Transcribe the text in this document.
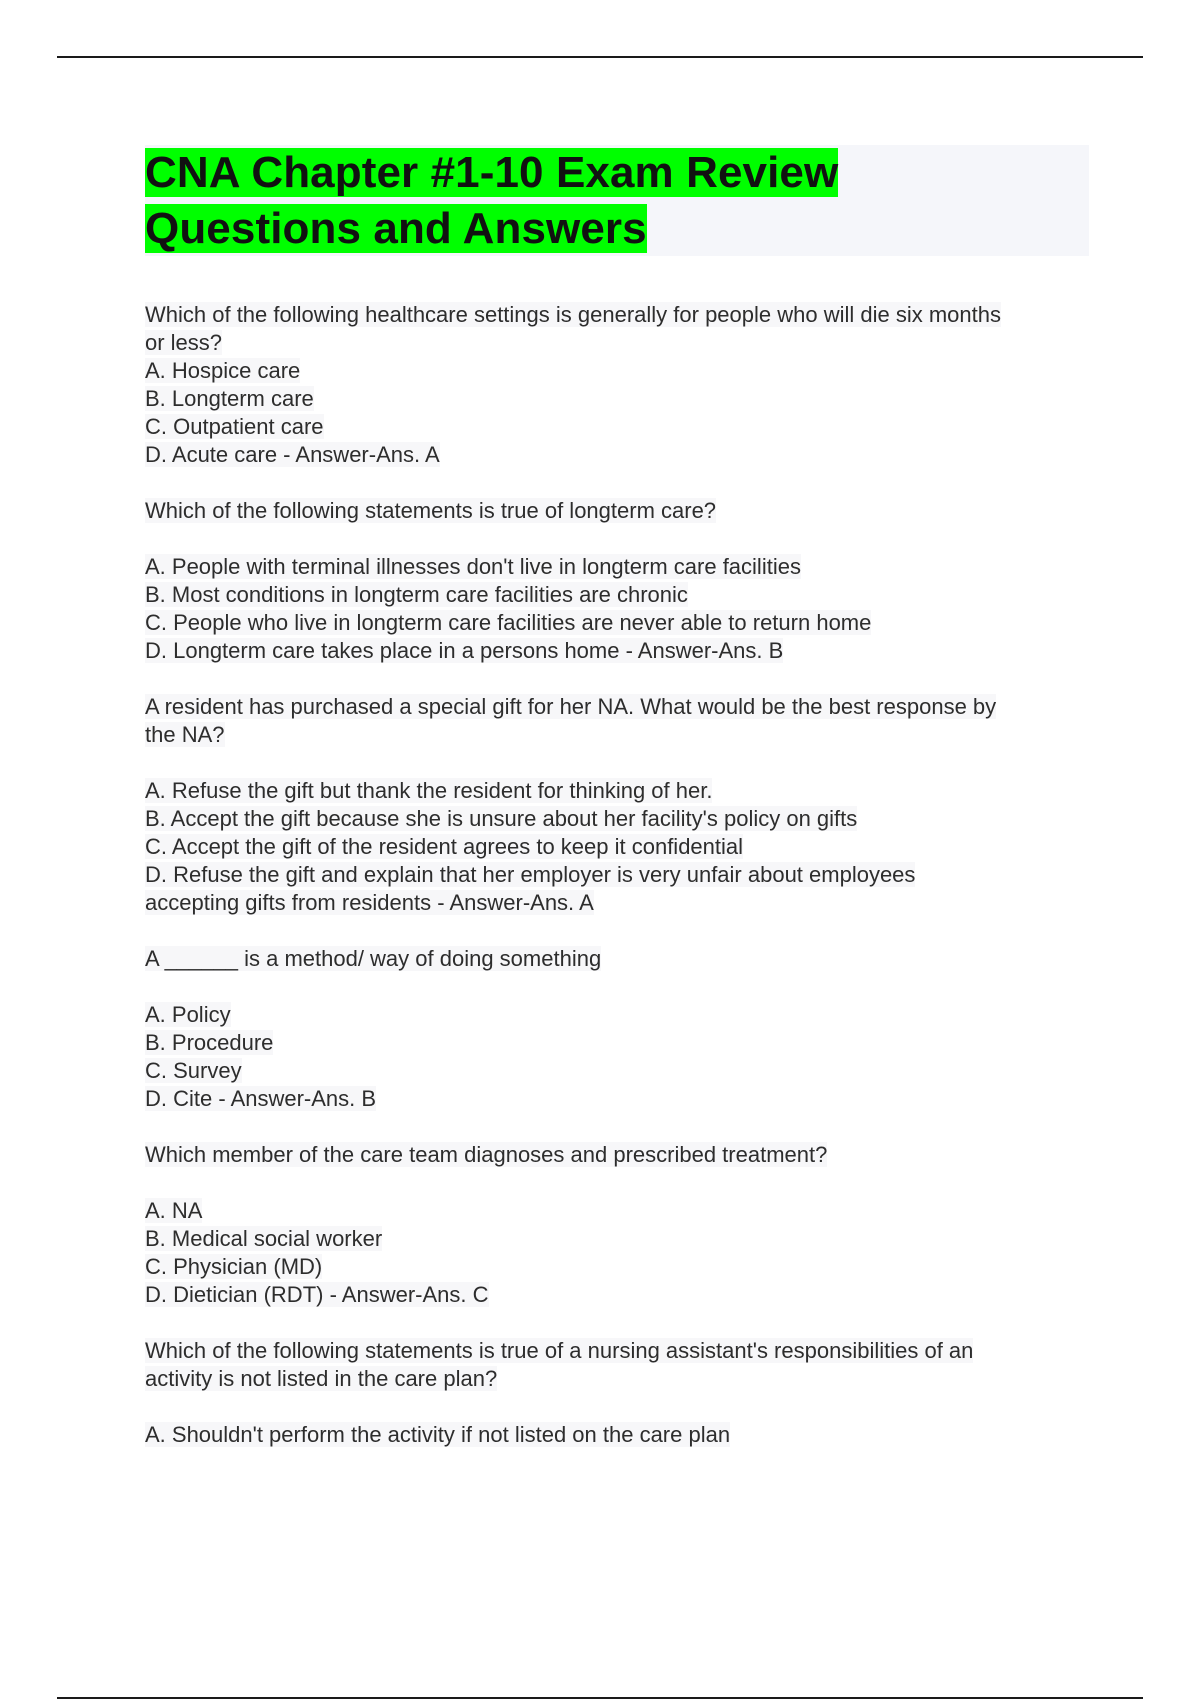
CNA Chapter #1-10 Exam Review
Questions and Answers
Which of the following healthcare settings is generally for people who will die six months
or less?
A. Hospice care
B. Longterm care
C. Outpatient care
D. Acute care - Answer-Ans. A
Which of the following statements is true of longterm care?
A. People with terminal illnesses don't live in longterm care facilities
B. Most conditions in longterm care facilities are chronic
C. People who live in longterm care facilities are never able to return home
D. Longterm care takes place in a persons home - Answer-Ans. B
A resident has purchased a special gift for her NA. What would be the best response by
the NA?
A. Refuse the gift but thank the resident for thinking of her.
B. Accept the gift because she is unsure about her facility's policy on gifts
C. Accept the gift of the resident agrees to keep it confidential
D. Refuse the gift and explain that her employer is very unfair about employees
accepting gifts from residents - Answer-Ans. A
A ______ is a method/ way of doing something
A. Policy
B. Procedure
C. Survey
D. Cite - Answer-Ans. B
Which member of the care team diagnoses and prescribed treatment?
A. NA
B. Medical social worker
C. Physician (MD)
D. Dietician (RDT) - Answer-Ans. C
Which of the following statements is true of a nursing assistant's responsibilities of an
activity is not listed in the care plan?
A. Shouldn't perform the activity if not listed on the care plan
